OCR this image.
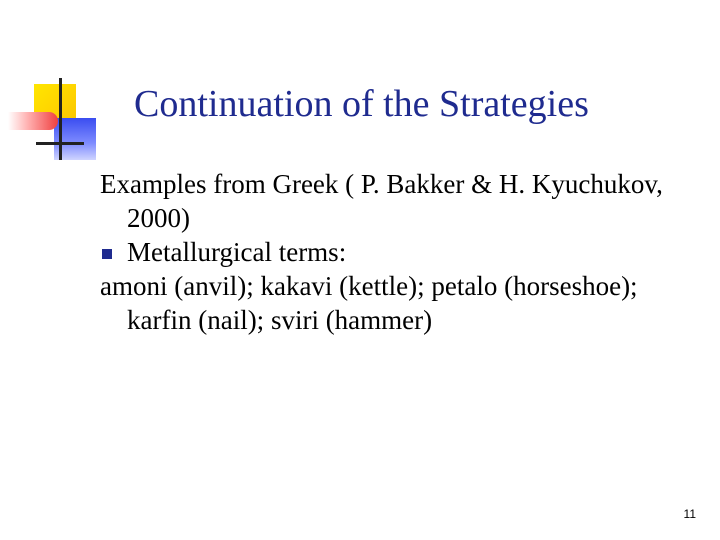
Continuation of the Strategies

Examples from Greek ( P. Bakker & H. Kyuchukov, 2000)

Metallurgical terms:

amoni (anvil); kakavi (kettle); petalo (horseshoe); karfin (nail); sviri (hammer)

11
